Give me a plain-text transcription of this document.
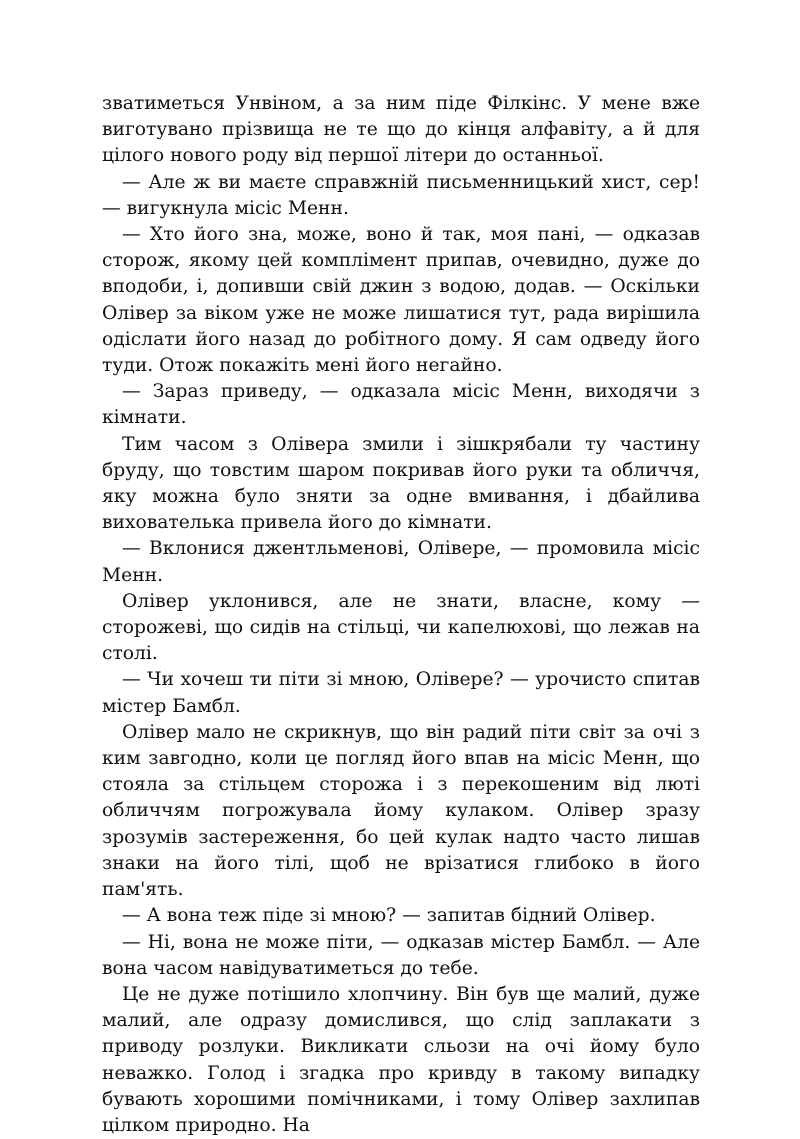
зватиметься Унвіном, а за ним піде Філкінс. У мене вже виготувано прізвища не те що до кінця алфавіту, а й для цілого нового роду від першої літери до останньої.

— Але ж ви маєте справжній письменницький хист, сер! — вигукнула місіс Менн.

— Хто його зна, може, воно й так, моя пані, — одказав сторож, якому цей комплімент припав, очевидно, дуже до вподоби, і, допивши свій джин з водою, додав. — Оскільки Олівер за віком уже не може лишатися тут, рада вирішила одіслати його назад до робітного дому. Я сам одведу його туди. Отож покажіть мені його негайно.

— Зараз приведу, — одказала місіс Менн, виходячи з кімнати.

Тим часом з Олівера змили і зішкрябали ту частину бруду, що товстим шаром покривав його руки та обличчя, яку можна було зняти за одне вмивання, і дбайлива вихователька привела його до кімнати.

— Вклонися джентльменові, Олівере, — промовила місіс Менн.

Олівер уклонився, але не знати, власне, кому — сторожеві, що сидів на стільці, чи капелюхові, що лежав на столі.

— Чи хочеш ти піти зі мною, Олівере? — урочисто спитав містер Бамбл.

Олівер мало не скрикнув, що він радий піти світ за очі з ким завгодно, коли це погляд його впав на місіс Менн, що стояла за стільцем сторожа і з перекошеним від люті обличчям погрожувала йому кулаком. Олівер зразу зрозумів застереження, бо цей кулак надто часто лишав знаки на його тілі, щоб не врізатися глибоко в його пам'ять.

— А вона теж піде зі мною? — запитав бідний Олівер.

— Ні, вона не може піти, — одказав містер Бамбл. — Але вона часом навідуватиметься до тебе.

Це не дуже потішило хлопчину. Він був ще малий, дуже малий, але одразу домислився, що слід заплакати з приводу розлуки. Викликати сльози на очі йому було неважко. Голод і згадка про кривду в такому випадку бувають хорошими помічниками, і тому Олівер захлипав цілком природно. На
